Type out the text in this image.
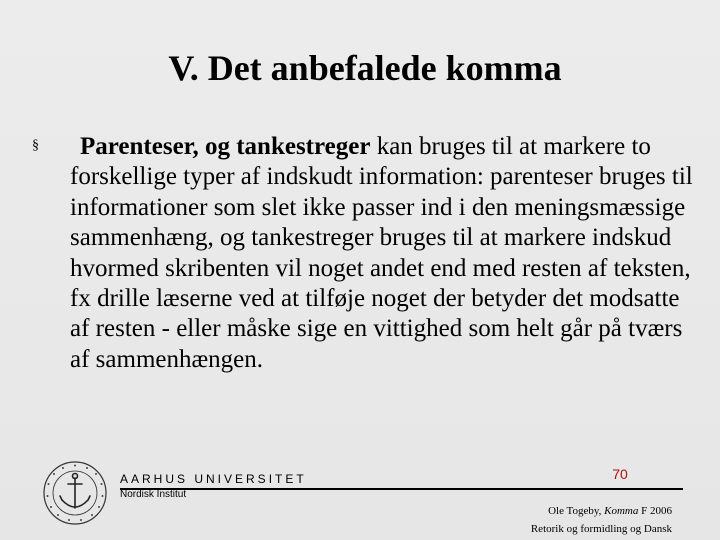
V. Det anbefalede komma
§	Parenteser, og tankestreger kan bruges til at markere to forskellige typer af indskudt information: parenteser bruges til informationer som slet ikke passer ind i den meningsmæssige sammenhæng, og tankestreger bruges til at markere indskud hvormed skribenten vil noget andet end med resten af teksten, fx drille læserne ved at tilføje noget der betyder det modsatte af resten - eller måske sige en vittighed som helt går på tværs af sammenhængen.
AARHUS UNIVERSITET
Nordisk Institut
70
Ole Togeby, Komma F 2006
Retorik og formidling og Dansk
